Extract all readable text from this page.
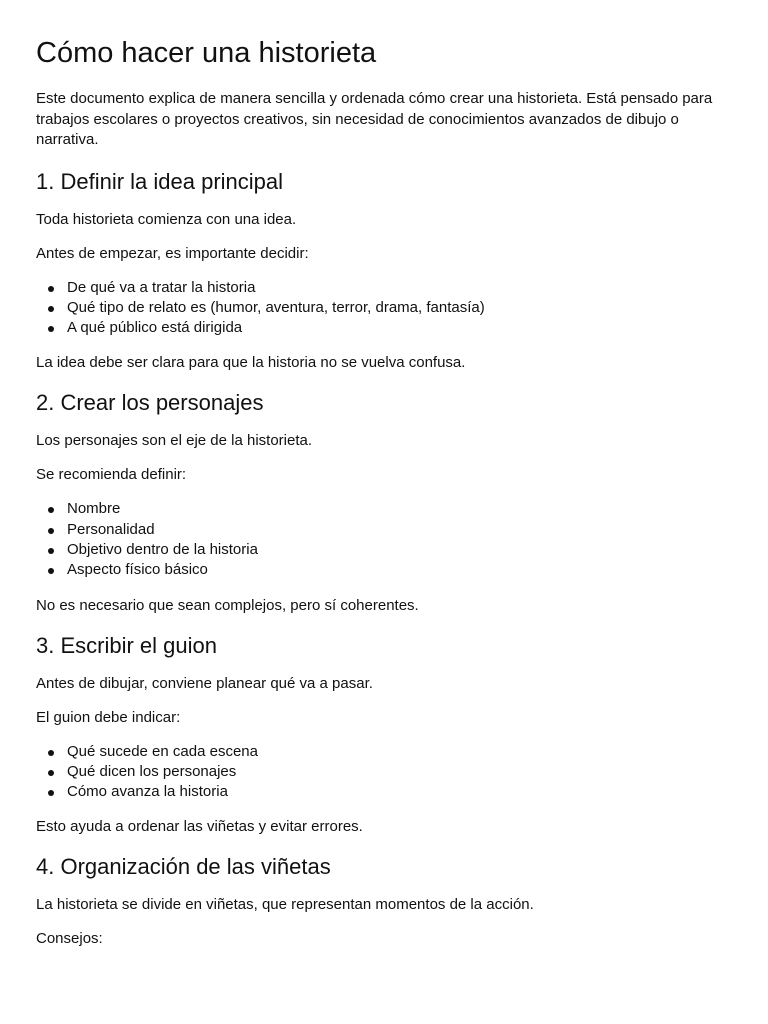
Cómo hacer una historieta

Este documento explica de manera sencilla y ordenada cómo crear una historieta. Está pensado para trabajos escolares o proyectos creativos, sin necesidad de conocimientos avanzados de dibujo o narrativa.

1. Definir la idea principal

Toda historieta comienza con una idea.

Antes de empezar, es importante decidir:

De qué va a tratar la historia
Qué tipo de relato es (humor, aventura, terror, drama, fantasía)
A qué público está dirigida

La idea debe ser clara para que la historia no se vuelva confusa.

2. Crear los personajes

Los personajes son el eje de la historieta.

Se recomienda definir:

Nombre
Personalidad
Objetivo dentro de la historia
Aspecto físico básico

No es necesario que sean complejos, pero sí coherentes.

3. Escribir el guion

Antes de dibujar, conviene planear qué va a pasar.

El guion debe indicar:

Qué sucede en cada escena
Qué dicen los personajes
Cómo avanza la historia

Esto ayuda a ordenar las viñetas y evitar errores.

4. Organización de las viñetas

La historieta se divide en viñetas, que representan momentos de la acción.

Consejos:
